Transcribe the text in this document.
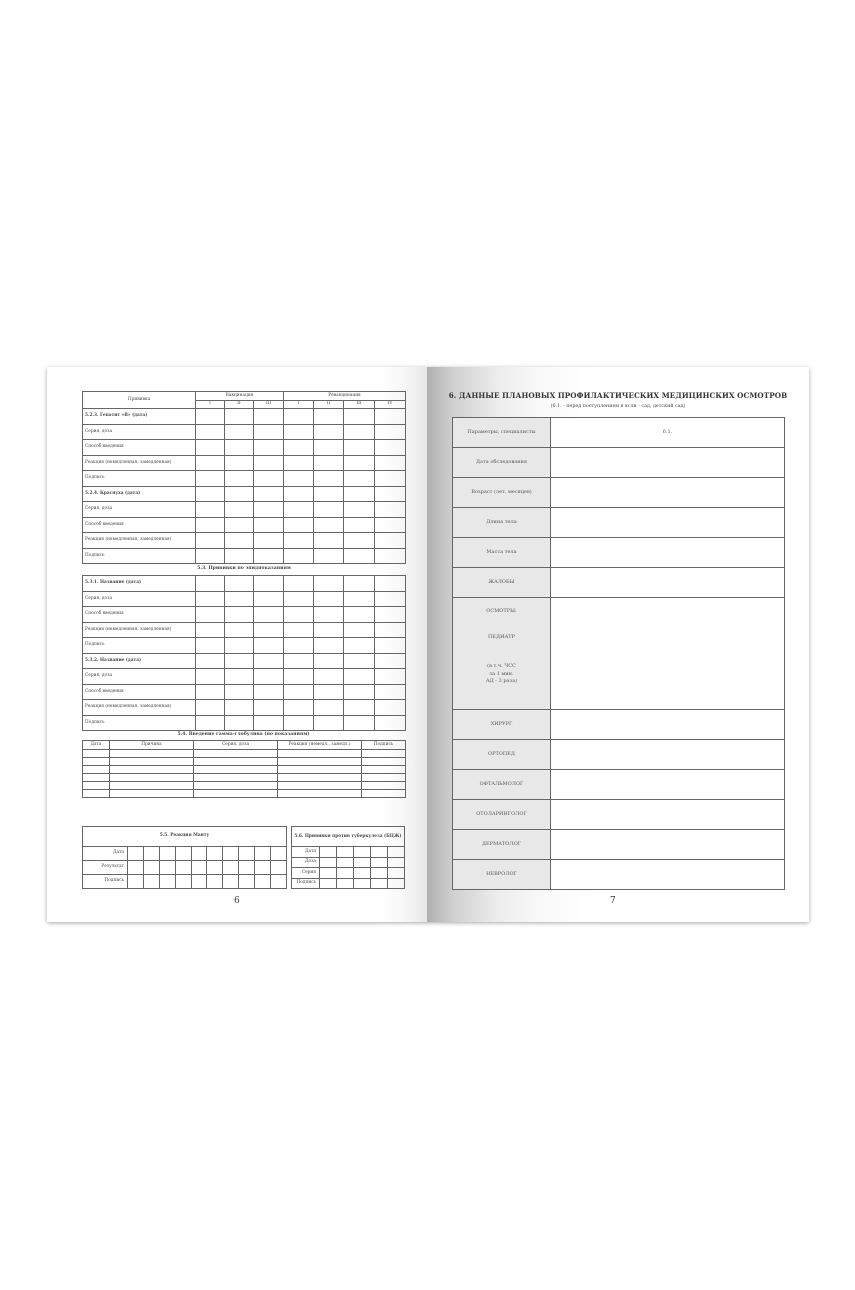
Прививка	Вакцинация			Ревакцинация			
	I	II	III	I	II	III	IV
5.2.3. Гепатит «В» (дата)							
Серия, доза							
Способ введения							
Реакция (немедленная, замедленная)							
Подпись							
5.2.4. Краснуха (дата)							
Серия, доза							
Способ введения							
Реакция (немедленная, замедленная)							
Подпись							
5.3. Прививки по эпидпоказаниям							
5.3.1. Название (дата)							
Серия, доза							
Способ введения							
Реакция (немедленная, замедленная)							
Подпись							
5.3.2. Название (дата)							
Серия, доза							
Способ введения							
Реакция (немедленная, замедленная)							
Подпись							
5.4. Введение гамма-глобулина (по показаниям)
Дата	Причина	Серия, доза	Реакция (немедл., замедл.)	Подпись

5.5. Реакция Манту										
Дата										
Результат										
Подпись										
5.6. Прививки против туберкулеза (БЦЖ)					
Дата					
Доза					
Серия					
Подпись					
6
6. ДАННЫЕ ПЛАНОВЫХ ПРОФИЛАКТИЧЕСКИХ МЕДИЦИНСКИХ ОСМОТРОВ
(6.1. - перед поступлением в ясли - сад, детский сад)
Параметры, специалисты	6.1.
Дата обследования	
Возраст (лет, месяцев)	
Длина тела	
Масса тела	
ЖАЛОБЫ	

ОСМОТРЫ:
ПЕДИАТР
(в т.ч. ЧСС
за 1 мин.
АД - 3 раза)	

ХИРУРГ	
ОРТОПЕД	
ОФТАЛЬМОЛОГ	
ОТОЛАРИНГОЛОГ	
ДЕРМАТОЛОГ	
НЕВРОЛОГ	
7
